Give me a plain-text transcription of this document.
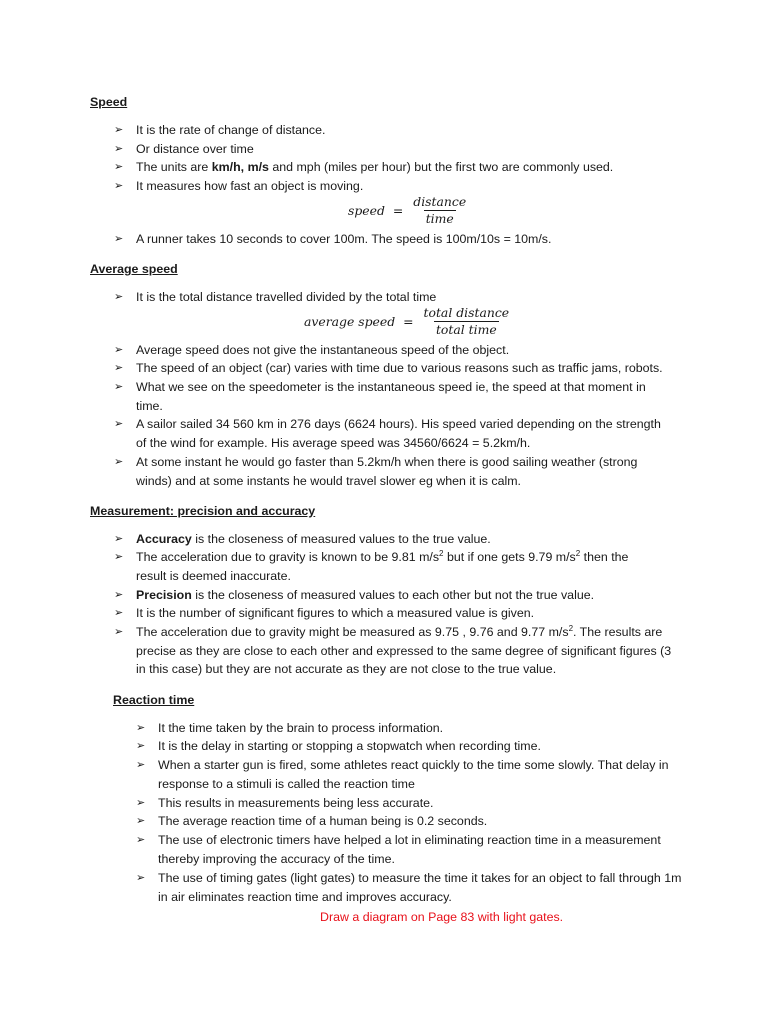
Speed
➢	It is the rate of change of distance.
➢	Or distance over time
➢	The units are km/h, m/s and mph (miles per hour) but the first two are commonly used.
➢	It measures how fast an object is moving.
speed = $\frac{\text{distance}}{\text{time}}$
➢	A runner takes 10 seconds to cover 100m. The speed is 100m/10s = 10m/s.
Average speed
➢	It is the total distance travelled divided by the total time
average speed = $\frac{\text{total distance}}{\text{total time}}$
➢	Average speed does not give the instantaneous speed of the object.
➢	The speed of an object (car) varies with time due to various reasons such as traffic jams, robots.
➢	What we see on the speedometer is the instantaneous speed ie, the speed at that moment in time.
➢	A sailor sailed 34 560 km in 276 days (6624 hours). His speed varied depending on the strength of the wind for example. His average speed was 34560/6624 = 5.2km/h.
➢	At some instant he would go faster than 5.2km/h when there is good sailing weather (strong winds) and at some instants he would travel slower eg when it is calm.
Measurement: precision and accuracy
➢	Accuracy is the closeness of measured values to the true value.
➢	The acceleration due to gravity is known to be 9.81 $m/s^2$ but if one gets 9.79 $m/s^2$ then the result is deemed inaccurate.
➢	Precision is the closeness of measured values to each other but not the true value.
➢	It is the number of significant figures to which a measured value is given.
➢	The acceleration due to gravity might be measured as 9.75 , 9.76 and 9.77 $m/s^2$. The results are precise as they are close to each other and expressed to the same degree of significant figures (3 in this case) but they are not accurate as they are not close to the true value.
Reaction time
➢	It the time taken by the brain to process information.
➢	It is the delay in starting or stopping a stopwatch when recording time.
➢	When a starter gun is fired, some athletes react quickly to the time some slowly. That delay in response to a stimuli is called the reaction time
➢	This results in measurements being less accurate.
➢	The average reaction time of a human being is 0.2 seconds.
➢	The use of electronic timers have helped a lot in eliminating reaction time in a measurement thereby improving the accuracy of the time.
➢	The use of timing gates (light gates) to measure the time it takes for an object to fall through 1m in air eliminates reaction time and improves accuracy.
Draw a diagram on Page 83 with light gates.
